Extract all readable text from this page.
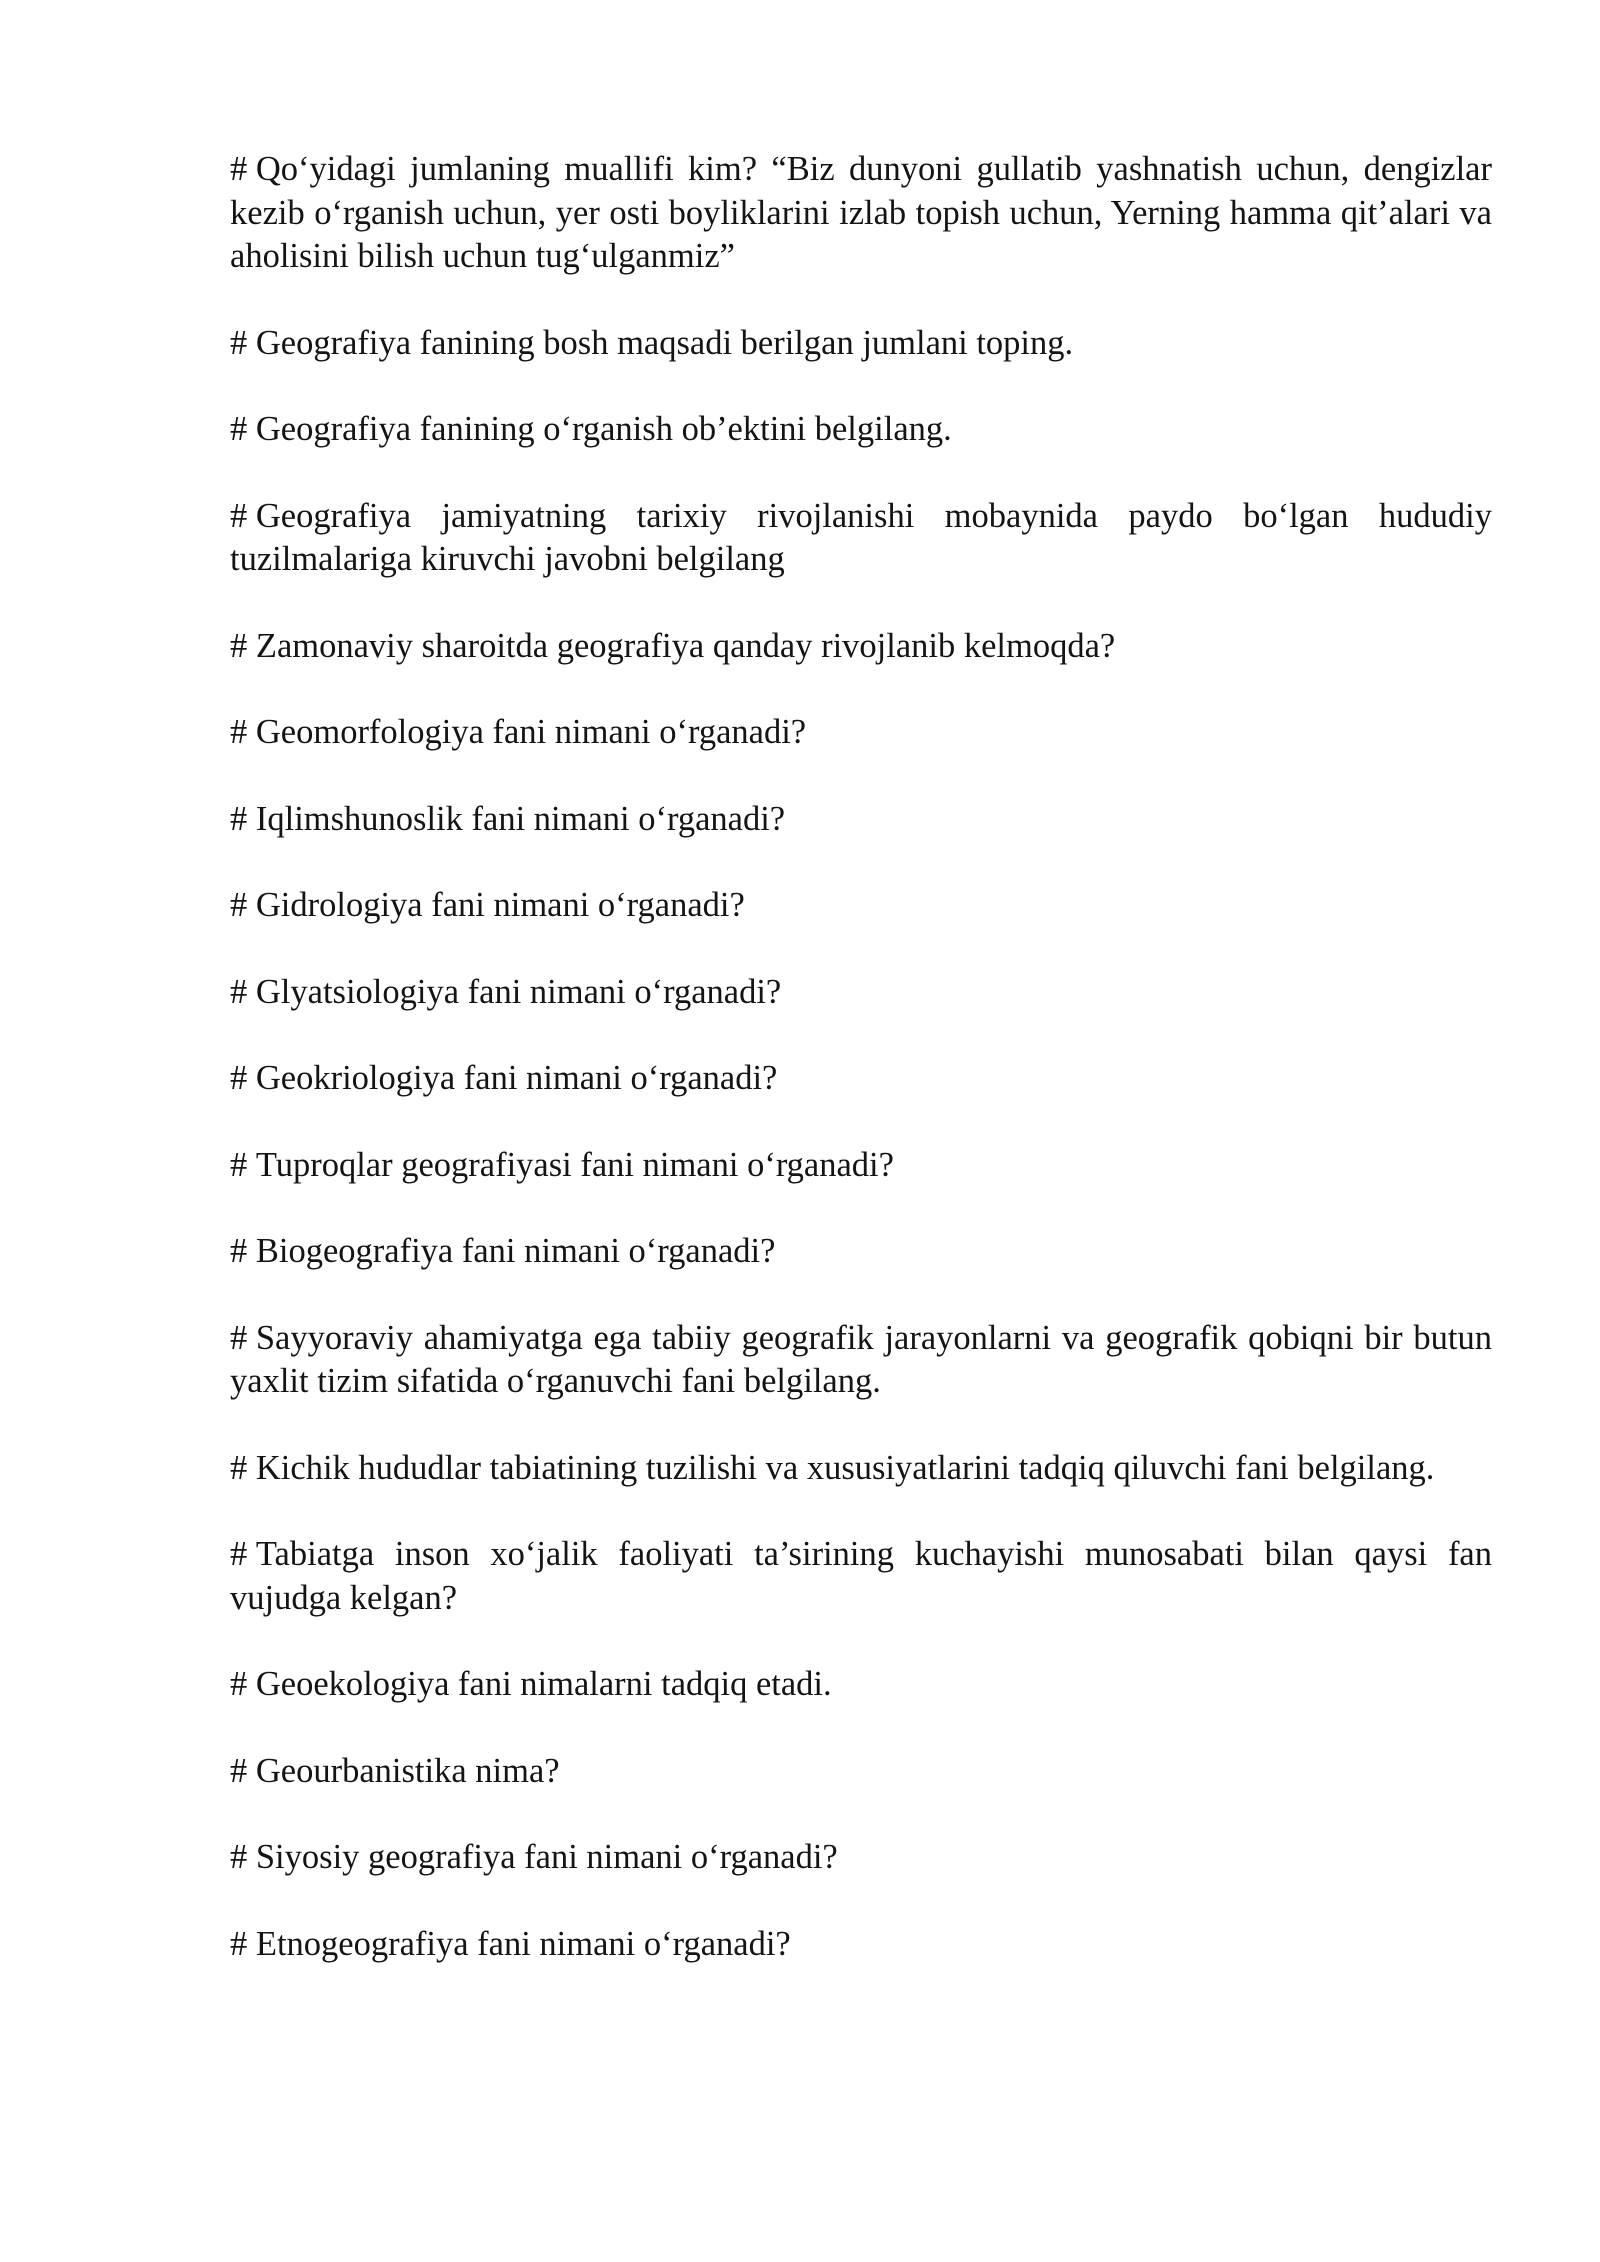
# Qo‘yidagi jumlaning muallifi kim? “Biz dunyoni gullatib yashnatish uchun, dengizlar kezib o‘rganish uchun, yer osti boyliklarini izlab topish uchun, Yerning hamma qit’alari va aholisini bilish uchun tug‘ulganmiz”
# Geografiya fanining bosh maqsadi berilgan jumlani toping.
# Geografiya fanining o‘rganish ob’ektini belgilang.
# Geografiya jamiyatning tarixiy rivojlanishi mobaynida paydo bo‘lgan hududiy tuzilmalariga kiruvchi javobni belgilang
# Zamonaviy sharoitda geografiya qanday rivojlanib kelmoqda?
# Geomorfologiya fani nimani o‘rganadi?
# Iqlimshunoslik fani nimani o‘rganadi?
# Gidrologiya fani nimani o‘rganadi?
# Glyatsiologiya fani nimani o‘rganadi?
# Geokriologiya fani nimani o‘rganadi?
# Tuproqlar geografiyasi fani nimani o‘rganadi?
# Biogeografiya fani nimani o‘rganadi?
# Sayyoraviy ahamiyatga ega tabiiy geografik jarayonlarni va geografik qobiqni bir butun yaxlit tizim sifatida o‘rganuvchi fani belgilang.
# Kichik hududlar tabiatining tuzilishi va xususiyatlarini tadqiq qiluvchi fani belgilang.
# Tabiatga inson xo‘jalik faoliyati ta’sirining kuchayishi munosabati bilan qaysi fan vujudga kelgan?
# Geoekologiya fani nimalarni tadqiq etadi.
# Geourbanistika nima?
# Siyosiy geografiya fani nimani o‘rganadi?
# Etnogeografiya fani nimani o‘rganadi?
